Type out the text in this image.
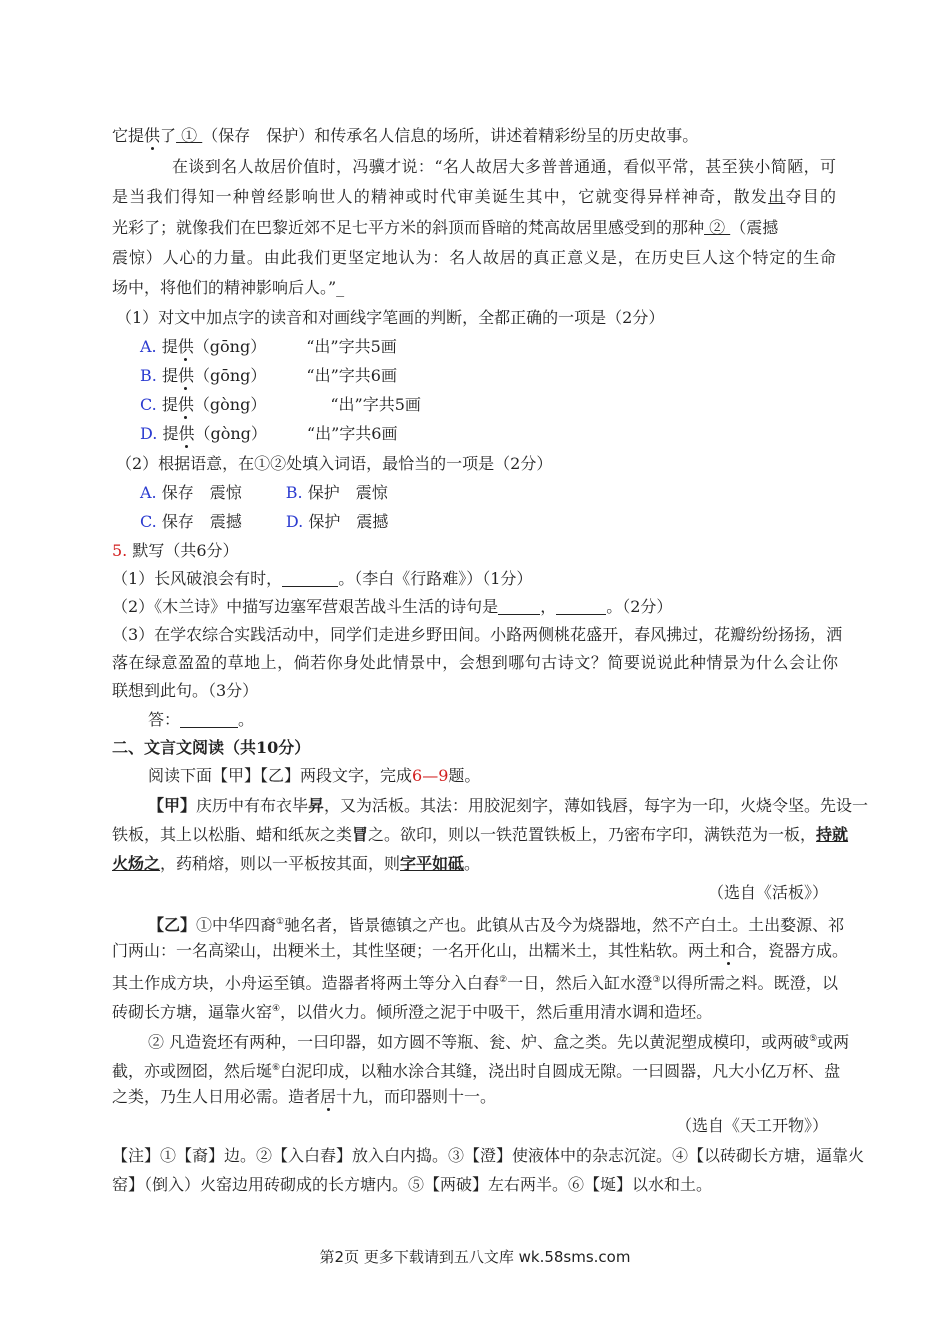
它提供了 ① （保存　保护）和传承名人信息的场所，讲述着精彩纷呈的历史故事。
在谈到名人故居价值时，冯骥才说：“名人故居大多普普通通，看似平常，甚至狭小简陋，可
是当我们得知一种曾经影响世人的精神或时代审美诞生其中，它就变得异样神奇，散发出夺目的
光彩了；就像我们在巴黎近郊不足七平方米的斜顶而昏暗的梵高故居里感受到的那种 ② （震撼
震惊）人心的力量。由此我们更坚定地认为：名人故居的真正意义是，在历史巨人这个特定的生命
场中，将他们的精神影响后人。”_
（1）对文中加点字的读音和对画线字笔画的判断，全都正确的一项是（2分）
A. 提供（gōng）	“出”字共5画
B. 提供（gōng）	“出”字共6画
C. 提供（gòng）	“出”字共5画
D. 提供（gòng）	“出”字共6画
（2）根据语意，在①②处填入词语，最恰当的一项是（2分）
A. 保存　震惊	B. 保护　震惊
C. 保存　震撼	D. 保护　震撼
5. 默写（共6分）
（1）长风破浪会有时，	。（李白《行路难》）（1分）
（2）《木兰诗》中描写边塞军营艰苦战斗生活的诗句是	，	。（2分）
（3）在学农综合实践活动中，同学们走进乡野田间。小路两侧桃花盛开，春风拂过，花瓣纷纷扬扬，洒
落在绿意盈盈的草地上，倘若你身处此情景中，会想到哪句古诗文？简要说说此种情景为什么会让你
联想到此句。（3分）
答：	。
二、文言文阅读（共10分）
阅读下面【甲】【乙】两段文字，完成6—9题。
【甲】庆历中有布衣毕昇，又为活板。其法：用胶泥刻字，薄如钱唇，每字为一印，火烧令坚。先设一
铁板，其上以松脂、蜡和纸灰之类冒之。欲印，则以一铁范置铁板上，乃密布字印，满铁范为一板，持就
火炀之，药稍熔，则以一平板按其面，则字平如砥。
（选自《活板》）
【乙】①中华四裔①驰名者，皆景德镇之产也。此镇从古及今为烧器地，然不产白土。土出婺源、祁
门两山：一名高梁山，出粳米土，其性坚硬；一名开化山，出糯米土，其性粘软。两土和合，瓷器方成。
其土作成方块，小舟运至镇。造器者将两土等分入白舂②一日，然后入缸水澄③以得所需之料。既澄，以
砖砌长方塘，逼靠火窑④，以借火力。倾所澄之泥于中吸干，然后重用清水调和造坯。
② 凡造瓷坯有两种，一曰印器，如方圆不等瓶、瓮、炉、盒之类。先以黄泥塑成模印，或两破⑤或两
截，亦或囫囵，然后埏⑥白泥印成，以釉水涂合其缝，浇出时自圆成无隙。一曰圆器，凡大小亿万杯、盘
之类，乃生人日用必需。造者居十九，而印器则十一。
（选自《天工开物》）
【注】①【裔】边。②【入白舂】放入白内捣。③【澄】使液体中的杂志沉淀。④【以砖砌长方塘，逼靠火
窑】（倒入）火窑边用砖砌成的长方塘内。⑤【两破】左右两半。⑥【埏】以水和土。
第2页 更多下载请到五八文库 wk.58sms.com
